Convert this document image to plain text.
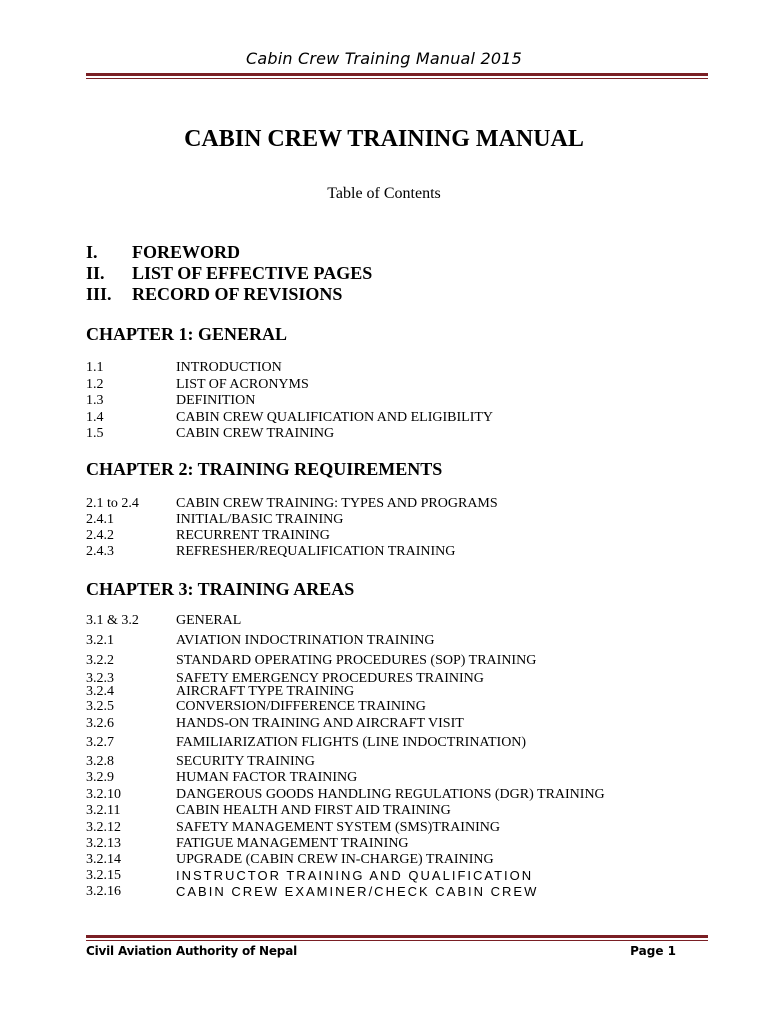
Cabin Crew Training Manual 2015
CABIN CREW TRAINING MANUAL
Table of Contents
I.	FOREWORD
II.	LIST OF EFFECTIVE PAGES
III.	RECORD OF REVISIONS
CHAPTER 1: GENERAL
1.1	INTRODUCTION
1.2	LIST OF ACRONYMS
1.3	DEFINITION
1.4	CABIN CREW QUALIFICATION AND ELIGIBILITY
1.5	CABIN CREW TRAINING
CHAPTER 2: TRAINING REQUIREMENTS
2.1 to 2.4	CABIN CREW TRAINING: TYPES AND PROGRAMS
2.4.1	INITIAL/BASIC TRAINING
2.4.2	RECURRENT TRAINING
2.4.3	REFRESHER/REQUALIFICATION TRAINING
CHAPTER 3: TRAINING AREAS
3.1 & 3.2	GENERAL
3.2.1	AVIATION INDOCTRINATION TRAINING
3.2.2	STANDARD OPERATING PROCEDURES (SOP) TRAINING
3.2.3	SAFETY EMERGENCY PROCEDURES TRAINING
3.2.4	AIRCRAFT TYPE TRAINING
3.2.5	CONVERSION/DIFFERENCE TRAINING
3.2.6	HANDS-ON TRAINING AND AIRCRAFT VISIT
3.2.7	FAMILIARIZATION FLIGHTS (LINE INDOCTRINATION)
3.2.8	SECURITY TRAINING
3.2.9	HUMAN FACTOR TRAINING
3.2.10	DANGEROUS GOODS HANDLING REGULATIONS (DGR) TRAINING
3.2.11	CABIN HEALTH AND FIRST AID TRAINING
3.2.12	SAFETY MANAGEMENT SYSTEM (SMS)TRAINING
3.2.13	FATIGUE MANAGEMENT TRAINING
3.2.14	UPGRADE (CABIN CREW IN-CHARGE) TRAINING
3.2.15	INSTRUCTOR TRAINING AND QUALIFICATION
3.2.16	CABIN CREW EXAMINER/CHECK CABIN CREW
Civil Aviation Authority of Nepal	Page 1
